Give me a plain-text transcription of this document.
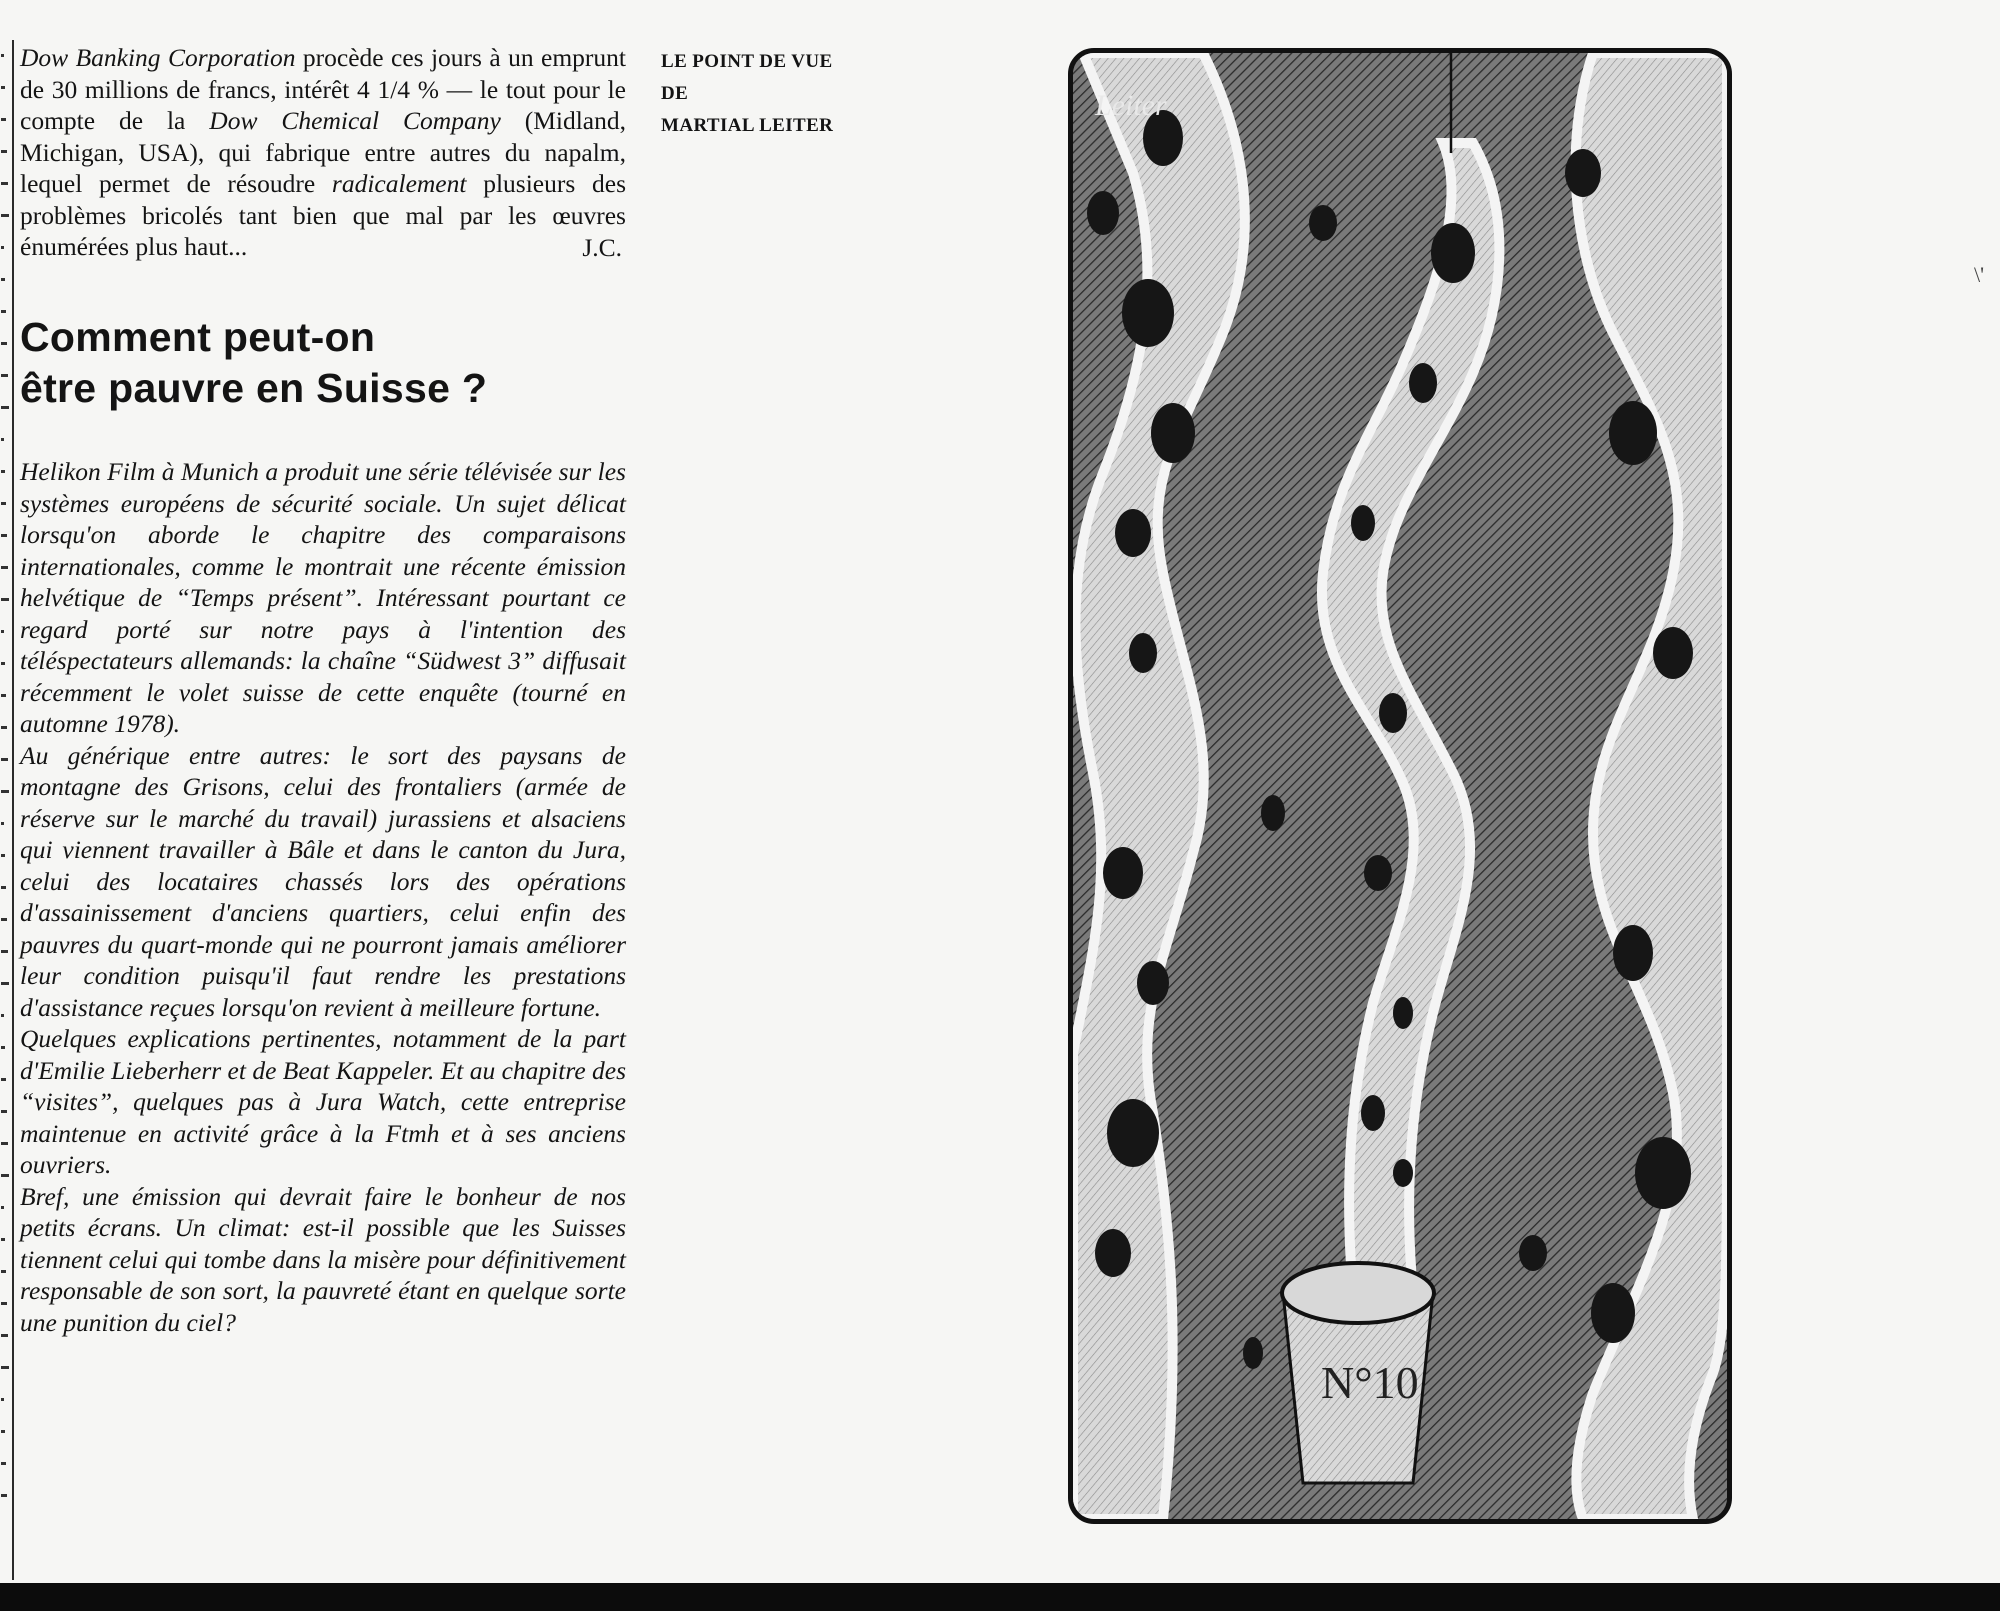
Dow Banking Corporation procède ces jours à un emprunt de 30 millions de francs, intérêt 4 1/4 % — le tout pour le compte de la Dow Chemical Company (Midland, Michigan, USA), qui fabrique entre autres du napalm, lequel permet de résoudre radicalement plusieurs des problèmes bricolés tant bien que mal par les œuvres énumérées plus haut...	J.C.
Comment peut-on
être pauvre en Suisse ?

Helikon Film à Munich a produit une série télévisée sur les systèmes européens de sécurité sociale. Un sujet délicat lorsqu'on aborde le chapitre des comparaisons internationales, comme le montrait une récente émission helvétique de “Temps présent”. Intéressant pourtant ce regard porté sur notre pays à l'intention des téléspectateurs allemands: la chaîne “Südwest 3” diffusait récemment le volet suisse de cette enquête (tourné en automne 1978).

Au générique entre autres: le sort des paysans de montagne des Grisons, celui des frontaliers (armée de réserve sur le marché du travail) jurassiens et alsaciens qui viennent travailler à Bâle et dans le canton du Jura, celui des locataires chassés lors des opérations d'assainissement d'anciens quartiers, celui enfin des pauvres du quart-monde qui ne pourront jamais améliorer leur condition puisqu'il faut rendre les prestations d'assistance reçues lorsqu'on revient à meilleure fortune.

Quelques explications pertinentes, notamment de la part d'Emilie Lieberherr et de Beat Kappeler. Et au chapitre des “visites”, quelques pas à Jura Watch, cette entreprise maintenue en activité grâce à la Ftmh et à ses anciens ouvriers.

Bref, une émission qui devrait faire le bonheur de nos petits écrans. Un climat: est-il possible que les Suisses tiennent celui qui tombe dans la misère pour définitivement responsable de son sort, la pauvreté étant en quelque sorte une punition du ciel?

LE POINT DE VUE
DE
MARTIAL LEITER
N°10
Leiter
\'
